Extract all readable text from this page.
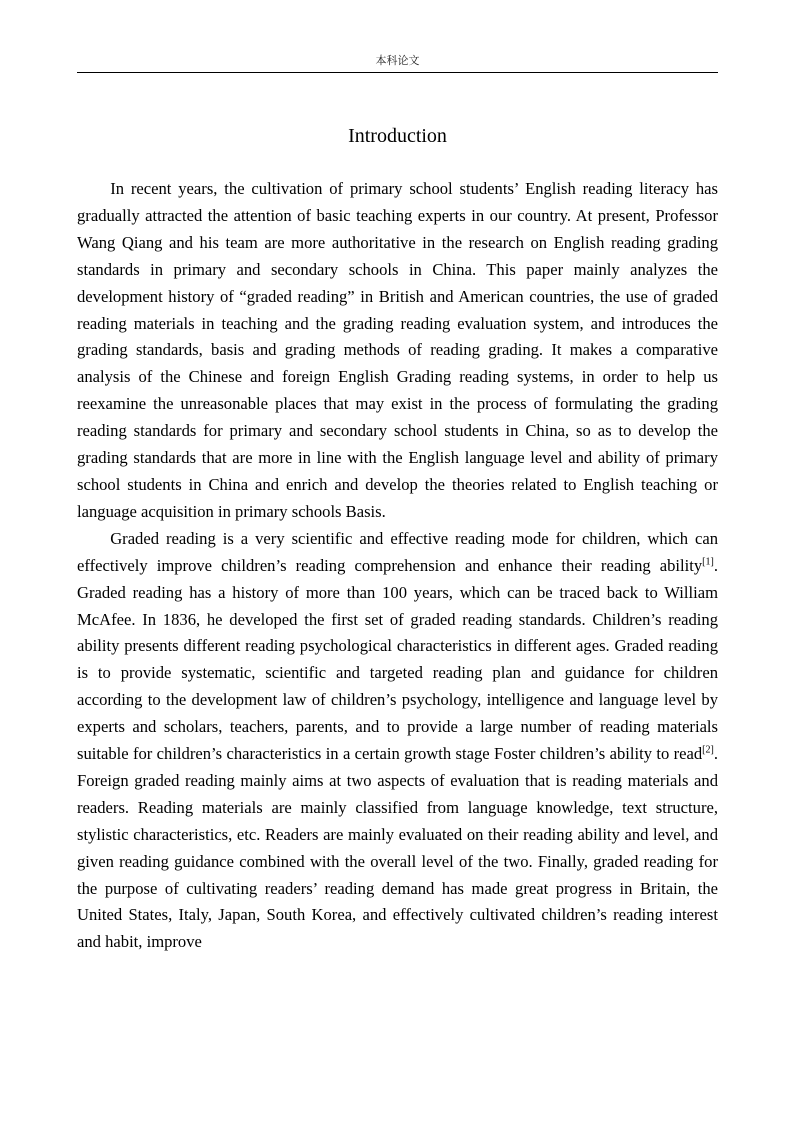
本科论文
Introduction

In recent years, the cultivation of primary school students’ English reading literacy has gradually attracted the attention of basic teaching experts in our country. At present, Professor Wang Qiang and his team are more authoritative in the research on English reading grading standards in primary and secondary schools in China. This paper mainly analyzes the development history of “graded reading” in British and American countries, the use of graded reading materials in teaching and the grading reading evaluation system, and introduces the grading standards, basis and grading methods of reading grading. It makes a comparative analysis of the Chinese and foreign English Grading reading systems, in order to help us reexamine the unreasonable places that may exist in the process of formulating the grading reading standards for primary and secondary school students in China, so as to develop the grading standards that are more in line with the English language level and ability of primary school students in China and enrich and develop the theories related to English teaching or language acquisition in primary schools Basis.

Graded reading is a very scientific and effective reading mode for children, which can effectively improve children’s reading comprehension and enhance their reading ability[1]. Graded reading has a history of more than 100 years, which can be traced back to William McAfee. In 1836, he developed the first set of graded reading standards. Children’s reading ability presents different reading psychological characteristics in different ages. Graded reading is to provide systematic, scientific and targeted reading plan and guidance for children according to the development law of children’s psychology, intelligence and language level by experts and scholars, teachers, parents, and to provide a large number of reading materials suitable for children’s characteristics in a certain growth stage Foster children’s ability to read[2]. Foreign graded reading mainly aims at two aspects of evaluation that is reading materials and readers. Reading materials are mainly classified from language knowledge, text structure, stylistic characteristics, etc. Readers are mainly evaluated on their reading ability and level, and given reading guidance combined with the overall level of the two. Finally, graded reading for the purpose of cultivating readers’ reading demand has made great progress in Britain, the United States, Italy, Japan, South Korea, and effectively cultivated children’s reading interest and habit, improve
